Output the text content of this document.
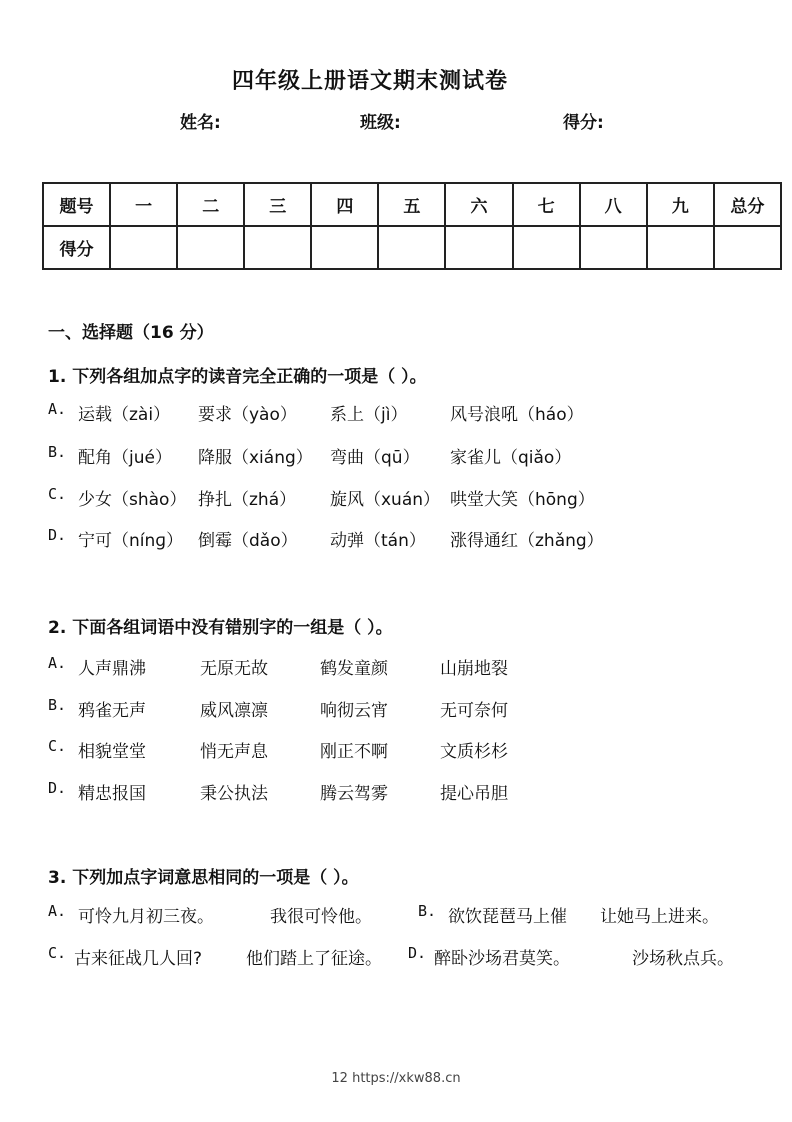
四年级上册语文期末测试卷
姓名:	班级:	得分:
题号	一	二	三	四	五	六	七	八	九	总分
得分										
一、选择题（16 分）
1. 下列各组加点字的读音完全正确的一项是（ ）。
A. 运载（zài） 要求（yào） 系上（jì）	风号浪吼（háo）
B. 配角（jué） 降服（xiáng） 弯曲（qū） 家雀儿（qiǎo）
C. 少女（shào） 挣扎（zhá） 旋风（xuán） 哄堂大笑（hōng）
D. 宁可（nínɡ） 倒霉（dǎo） 动弹（tán） 涨得通红（zhǎng）
2. 下面各组词语中没有错别字的一组是（ ）。
A. 人声鼎沸	无原无故	鹤发童颜	山崩地裂
B. 鸦雀无声	威风凛凛	响彻云宵	无可奈何
C. 相貌堂堂	悄无声息	刚正不啊	文质杉杉
D. 精忠报国	秉公执法	腾云驾雾	提心吊胆
3. 下列加点字词意思相同的一项是（ ）。
A. 可怜九月初三夜。	我很可怜他。	B. 欲饮琵琶马上催 让她马上进来。
C. 古来征战几人回?	他们踏上了征途。 D. 醉卧沙场君莫笑。	沙场秋点兵。
12 https://xkw88.cn
